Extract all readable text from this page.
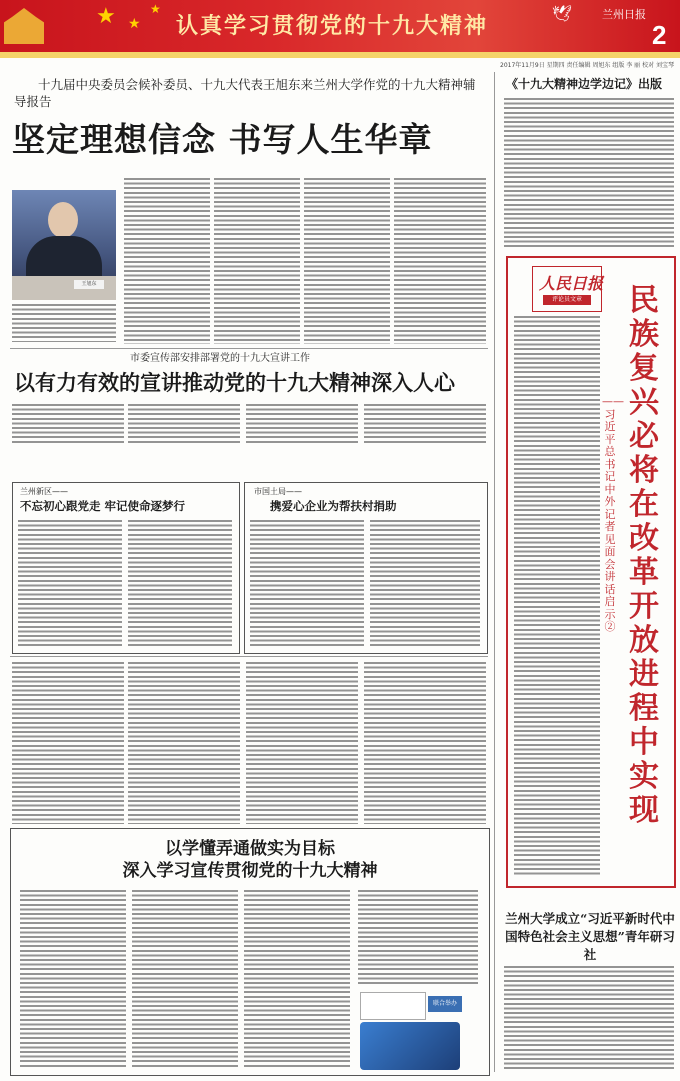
★ ★
★
认真学习贯彻党的十九大精神	🕊	兰州日报
2
2017年11月9日 星期四 责任编辑 周旭东 组版 李 丽 校对 刘宝琴
十九届中央委员会候补委员、十九大代表王旭东来兰州大学作党的十九大精神辅导报告
坚定理想信念 书写人生华章
王旭东
市委宣传部安排部署党的十九大宣讲工作
以有力有效的宣讲推动党的十九大精神深入人心
兰州新区——
不忘初心跟党走 牢记使命逐梦行
市国土局——
携爱心企业为帮扶村捐助
以学懂弄通做实为目标
深入学习宣传贯彻党的十九大精神
联合举办
《十九大精神边学边记》出版
人民日报
评论员文章	民族复兴必将在改革开放进程中实现
——习近平总书记中外记者见面会讲话启示②
兰州大学成立“习近平新时代中国特色社会主义思想”青年研习社
